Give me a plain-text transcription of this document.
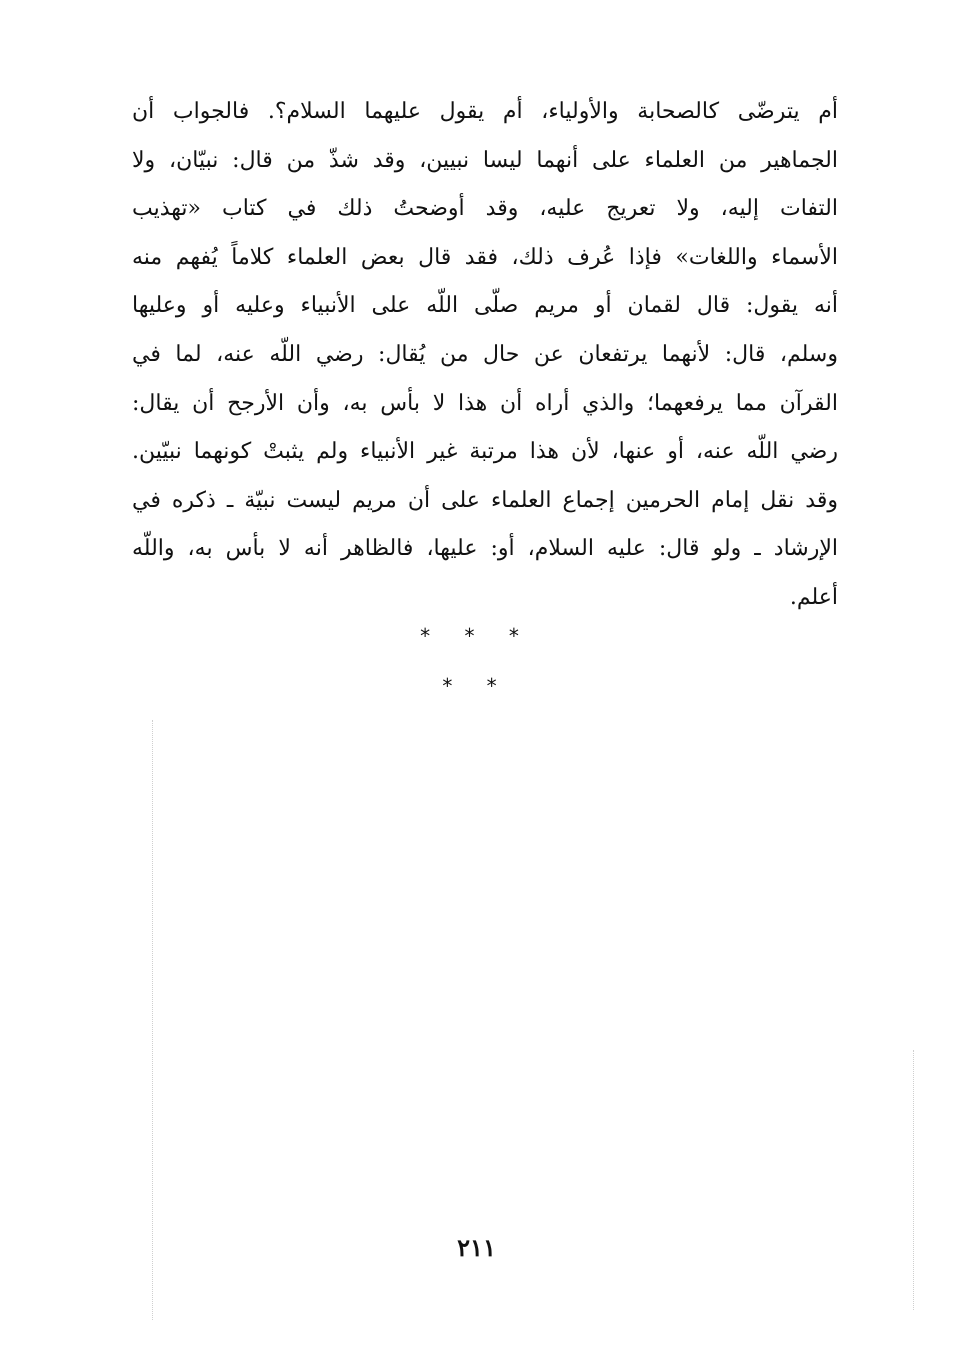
أم يترضّى كالصحابة والأولياء، أم يقول عليهما السلام؟. فالجواب أن
الجماهير من العلماء على أنهما ليسا نبيين، وقد شذّ من قال: نبيّان، ولا
التفات إليه، ولا تعريج عليه، وقد أوضحتُ ذلك في كتاب «تهذيب
الأسماء واللغات» فإذا عُرف ذلك، فقد قال بعض العلماء كلاماً يُفهم منه
أنه يقول: قال لقمان أو مريم صلّى اللّه على الأنبياء وعليه أو وعليها
وسلم، قال: لأنهما يرتفعان عن حال من يُقال: رضي اللّه عنه، لما في
القرآن مما يرفعهما؛ والذي أراه أن هذا لا بأس به، وأن الأرجح أن يقال:
رضي اللّه عنه، أو عنها، لأن هذا مرتبة غير الأنبياء ولم يثبتْ كونهما نبيّين.
وقد نقل إمام الحرمين إجماع العلماء على أن مريم ليست نبيّة ـ ذكره في
الإرشاد ـ ولو قال: عليه السلام، أو: عليها، فالظاهر أنه لا بأس به، واللّه
أعلم.
* * *
* *
٢١١
